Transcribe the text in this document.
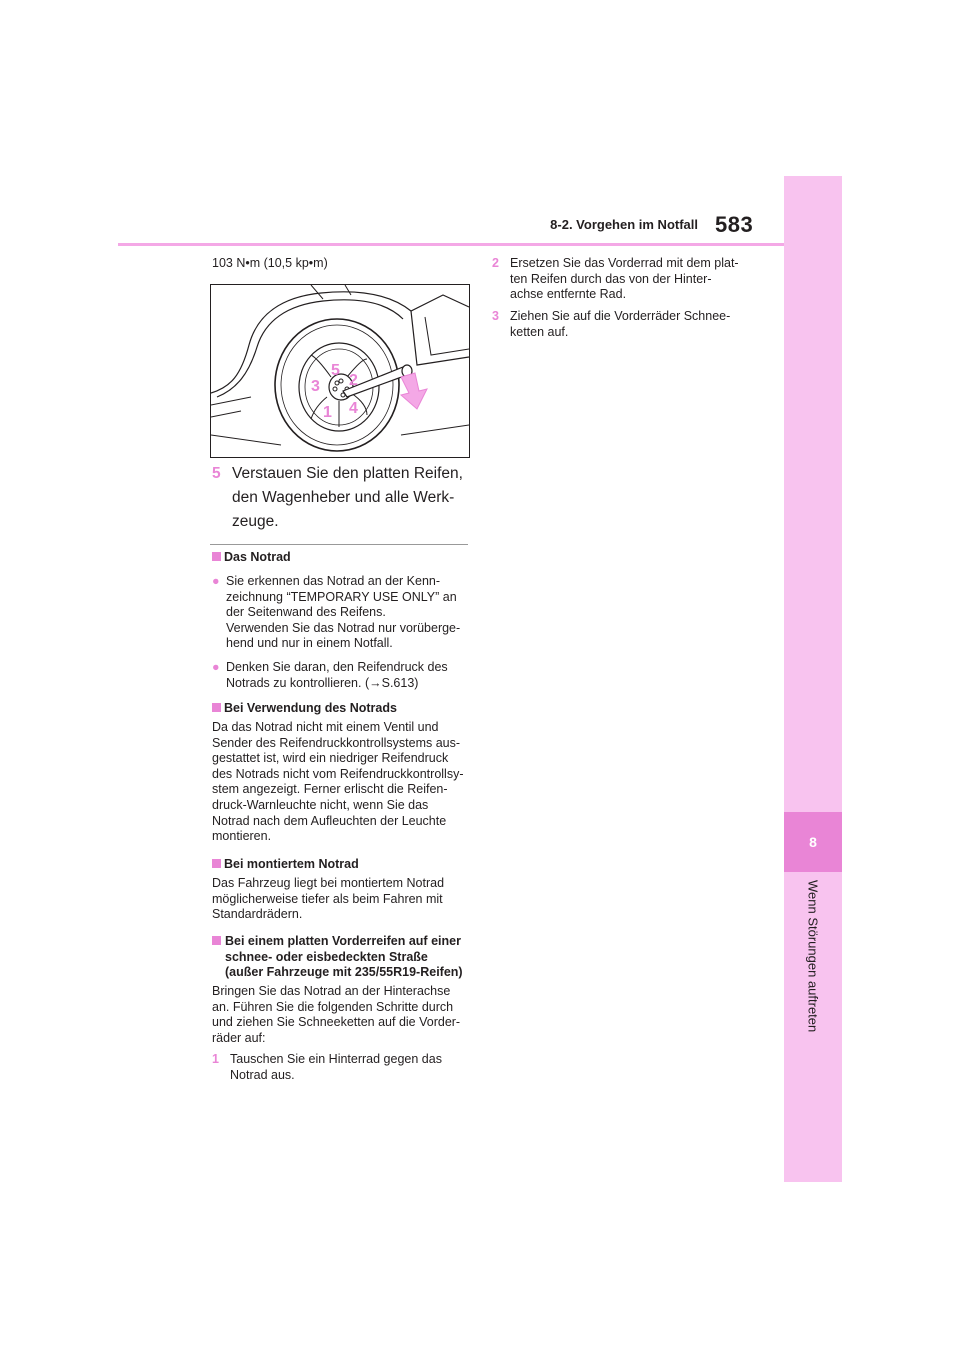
8-2. Vorgehen im Notfall 583
8
Wenn Störungen auftreten
103 N•m (10,5 kp•m)
1
2
3
4
5
5 Verstauen Sie den platten Reifen,
den Wagenheber und alle Werk-
zeuge.
Das Notrad
● Sie erkennen das Notrad an der Kenn-
zeichnung “TEMPORARY USE ONLY” an
der Seitenwand des Reifens.
Verwenden Sie das Notrad nur vorüberge-
hend und nur in einem Notfall.
● Denken Sie daran, den Reifendruck des
Notrads zu kontrollieren. (→S.613)
Bei Verwendung des Notrads
Da das Notrad nicht mit einem Ventil und
Sender des Reifendruckkontrollsystems aus-
gestattet ist, wird ein niedriger Reifendruck
des Notrads nicht vom Reifendruckkontrollsy-
stem angezeigt. Ferner erlischt die Reifen-
druck-Warnleuchte nicht, wenn Sie das
Notrad nach dem Aufleuchten der Leuchte
montieren.
Bei montiertem Notrad
Das Fahrzeug liegt bei montiertem Notrad
möglicherweise tiefer als beim Fahren mit
Standardrädern.
Bei einem platten Vorderreifen auf einer
schnee- oder eisbedeckten Straße
(außer Fahrzeuge mit 235/55R19-Reifen)
Bringen Sie das Notrad an der Hinterachse
an. Führen Sie die folgenden Schritte durch
und ziehen Sie Schneeketten auf die Vorder-
räder auf:
1 Tauschen Sie ein Hinterrad gegen das
Notrad aus.
2 Ersetzen Sie das Vorderrad mit dem plat-
ten Reifen durch das von der Hinter-
achse entfernte Rad.
3 Ziehen Sie auf die Vorderräder Schnee-
ketten auf.
